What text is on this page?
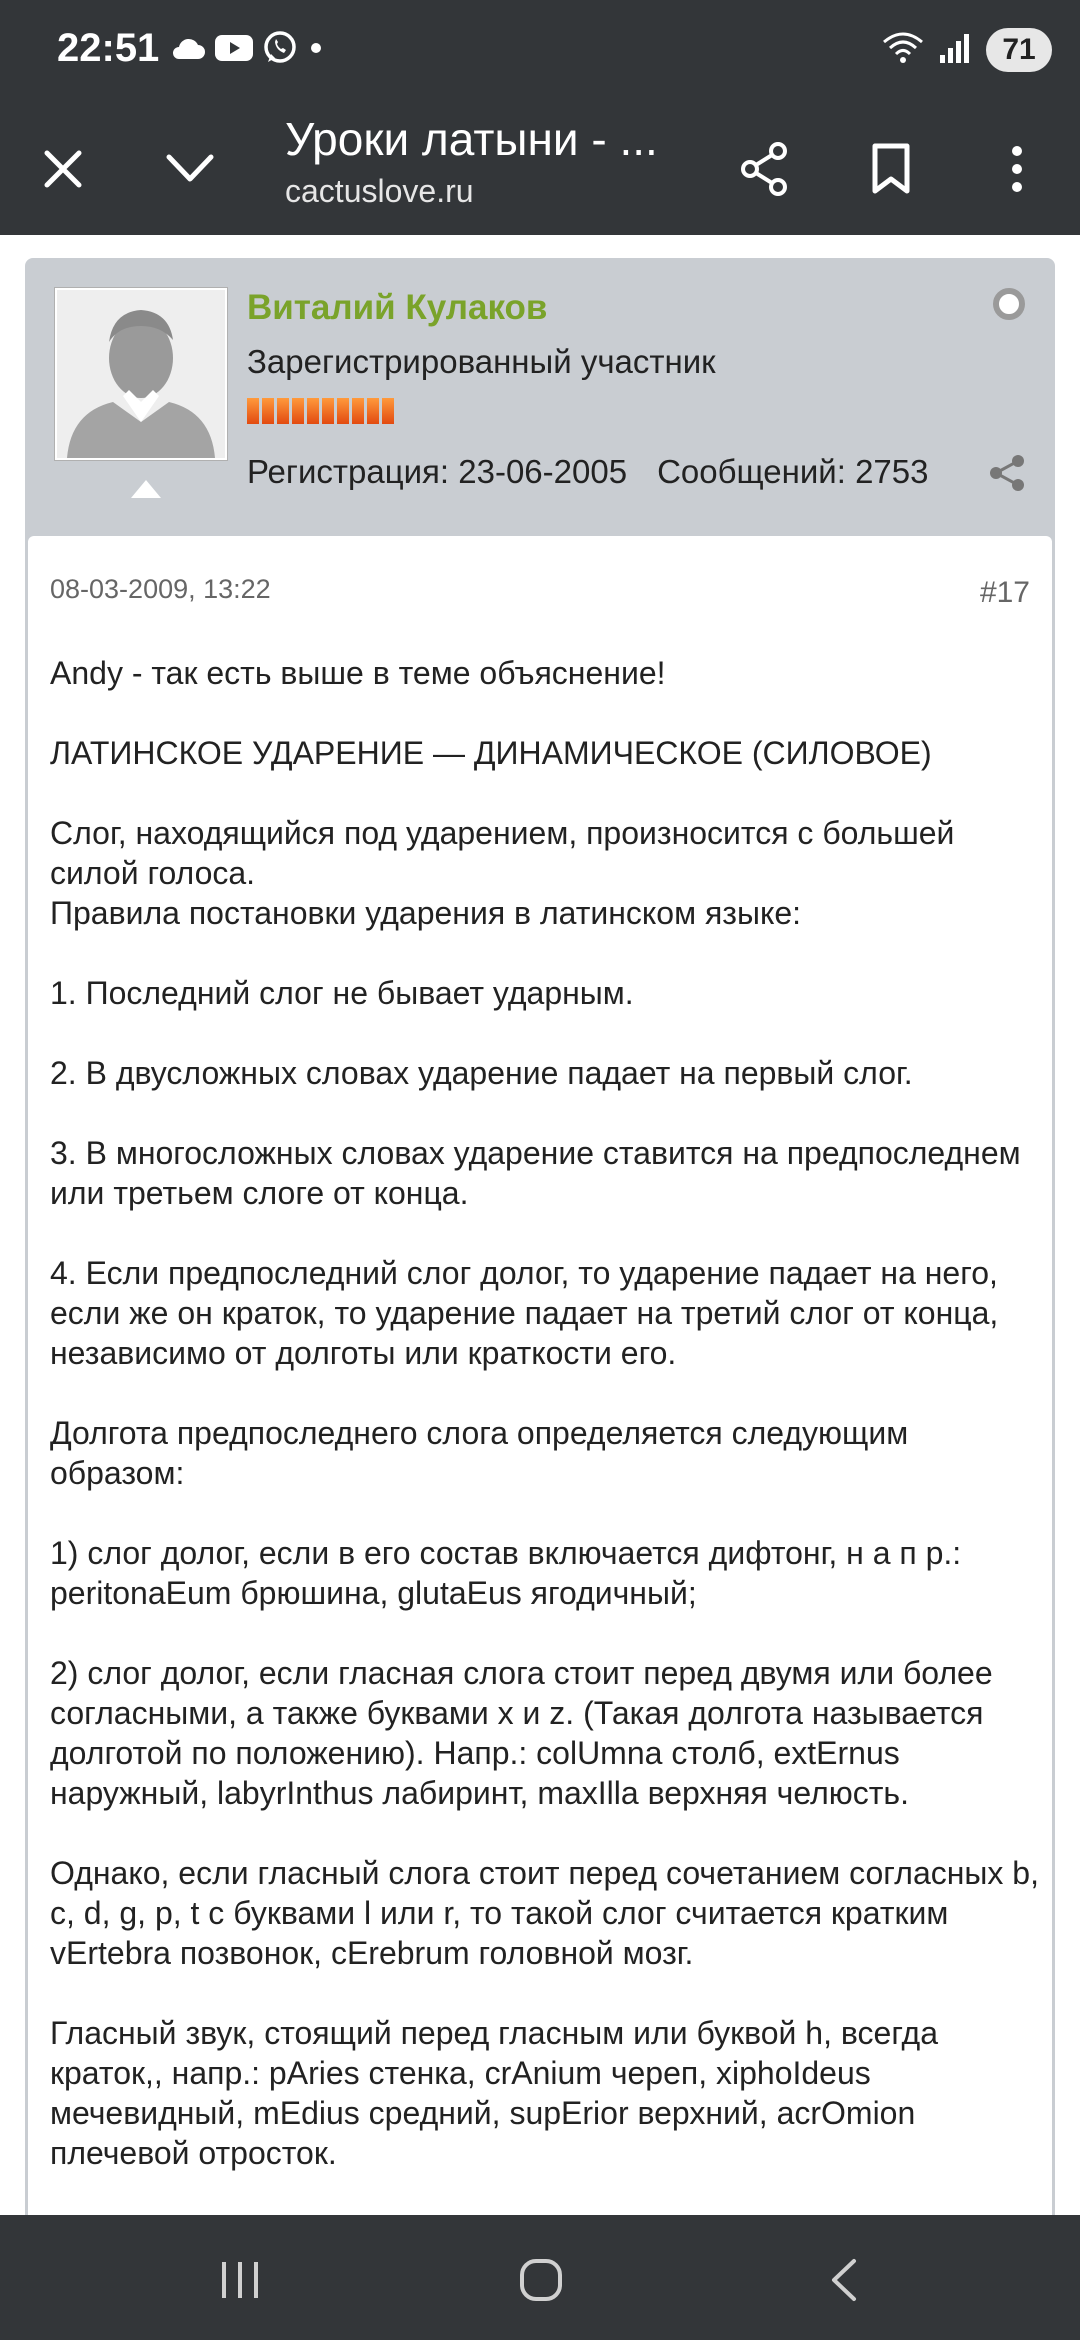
22:51	71
Уроки латыни - ...
cactuslove.ru
Виталий Кулаков
Зарегистрированный участник
Регистрация: 23-06-2005 Сообщений: 2753
08-03-2009, 13:22	#17

Andy - так есть выше в теме объяснение!

ЛАТИНСКОЕ УДАРЕНИЕ — ДИНАМИЧЕСКОЕ (СИЛОВОЕ)

Слог, находящийся под ударением, произносится с большей силой голоса.
Правила постановки ударения в латинском языке:

1. Последний слог не бывает ударным.

2. В двусложных словах ударение падает на первый слог.

3. В многосложных словах ударение ставится на предпоследнем или третьем слоге от конца.

4. Если предпоследний слог долог, то ударение падает на него, если же он краток, то ударение падает на третий слог от конца, независимо от долготы или краткости его.

Долгота предпоследнего слога определяется следующим образом:

1) слог долог, если в его состав включается дифтонг, н а п р.: peritonaEum брюшина, glutaEus ягодичный;

2) слог долог, если гласная слога стоит перед двумя или более согласными, а также буквами x и z. (Такая долгота называется долготой по положению). Напр.: colUmna столб, extErnus наружный, labyrInthus лабиринт, maxIlla верхняя челюсть.

Однако, если гласный слога стоит перед сочетанием согласных b, c, d, g, p, t c буквами l или r, то такой слог считается кратким vErtebra позвонок, cErebrum головной мозг.

Гласный звук, стоящий перед гласным или буквой h, всегда краток,, напр.: pAries стенка, crAnium череп, xiphoIdeus мечевидный, mEdius средний, supErior верхний, acrOmion плечевой отросток.
